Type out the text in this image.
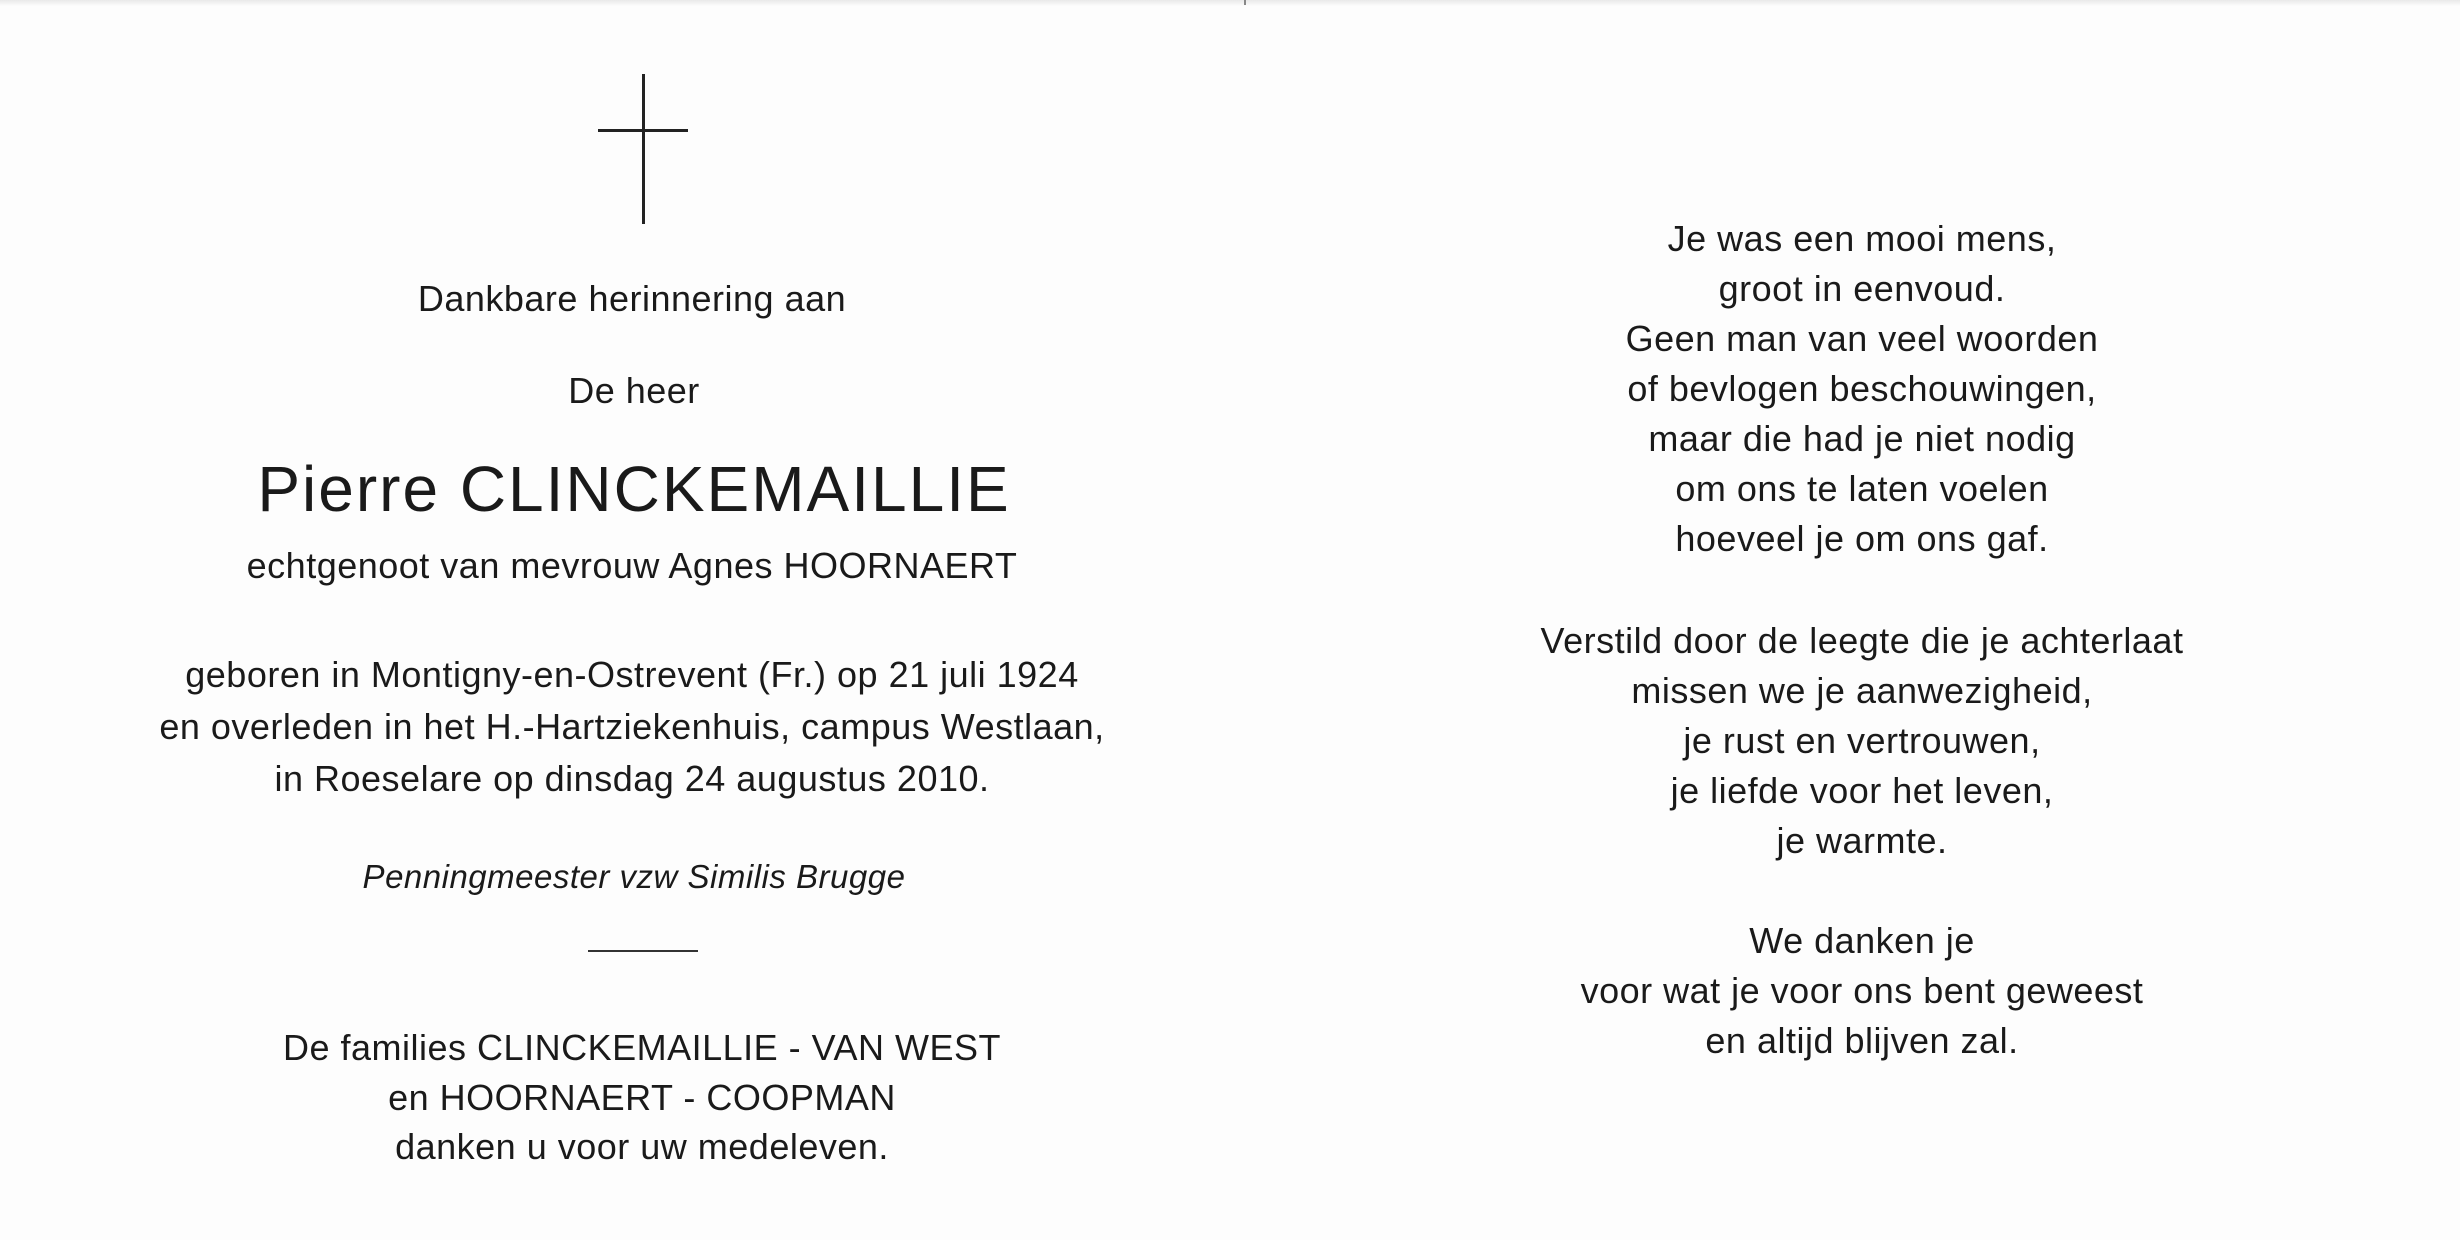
Dankbare herinnering aan
De heer
Pierre CLINCKEMAILLIE
echtgenoot van mevrouw Agnes HOORNAERT
geboren in Montigny-en-Ostrevent (Fr.) op 21 juli 1924
en overleden in het H.-Hartziekenhuis, campus Westlaan,
in Roeselare op dinsdag 24 augustus 2010.
Penningmeester vzw Similis Brugge
De families CLINCKEMAILLIE - VAN WEST
en HOORNAERT - COOPMAN
danken u voor uw medeleven.
Je was een mooi mens,
groot in eenvoud.
Geen man van veel woorden
of bevlogen beschouwingen,
maar die had je niet nodig
om ons te laten voelen
hoeveel je om ons gaf.
Verstild door de leegte die je achterlaat
missen we je aanwezigheid,
je rust en vertrouwen,
je liefde voor het leven,
je warmte.
We danken je
voor wat je voor ons bent geweest
en altijd blijven zal.
